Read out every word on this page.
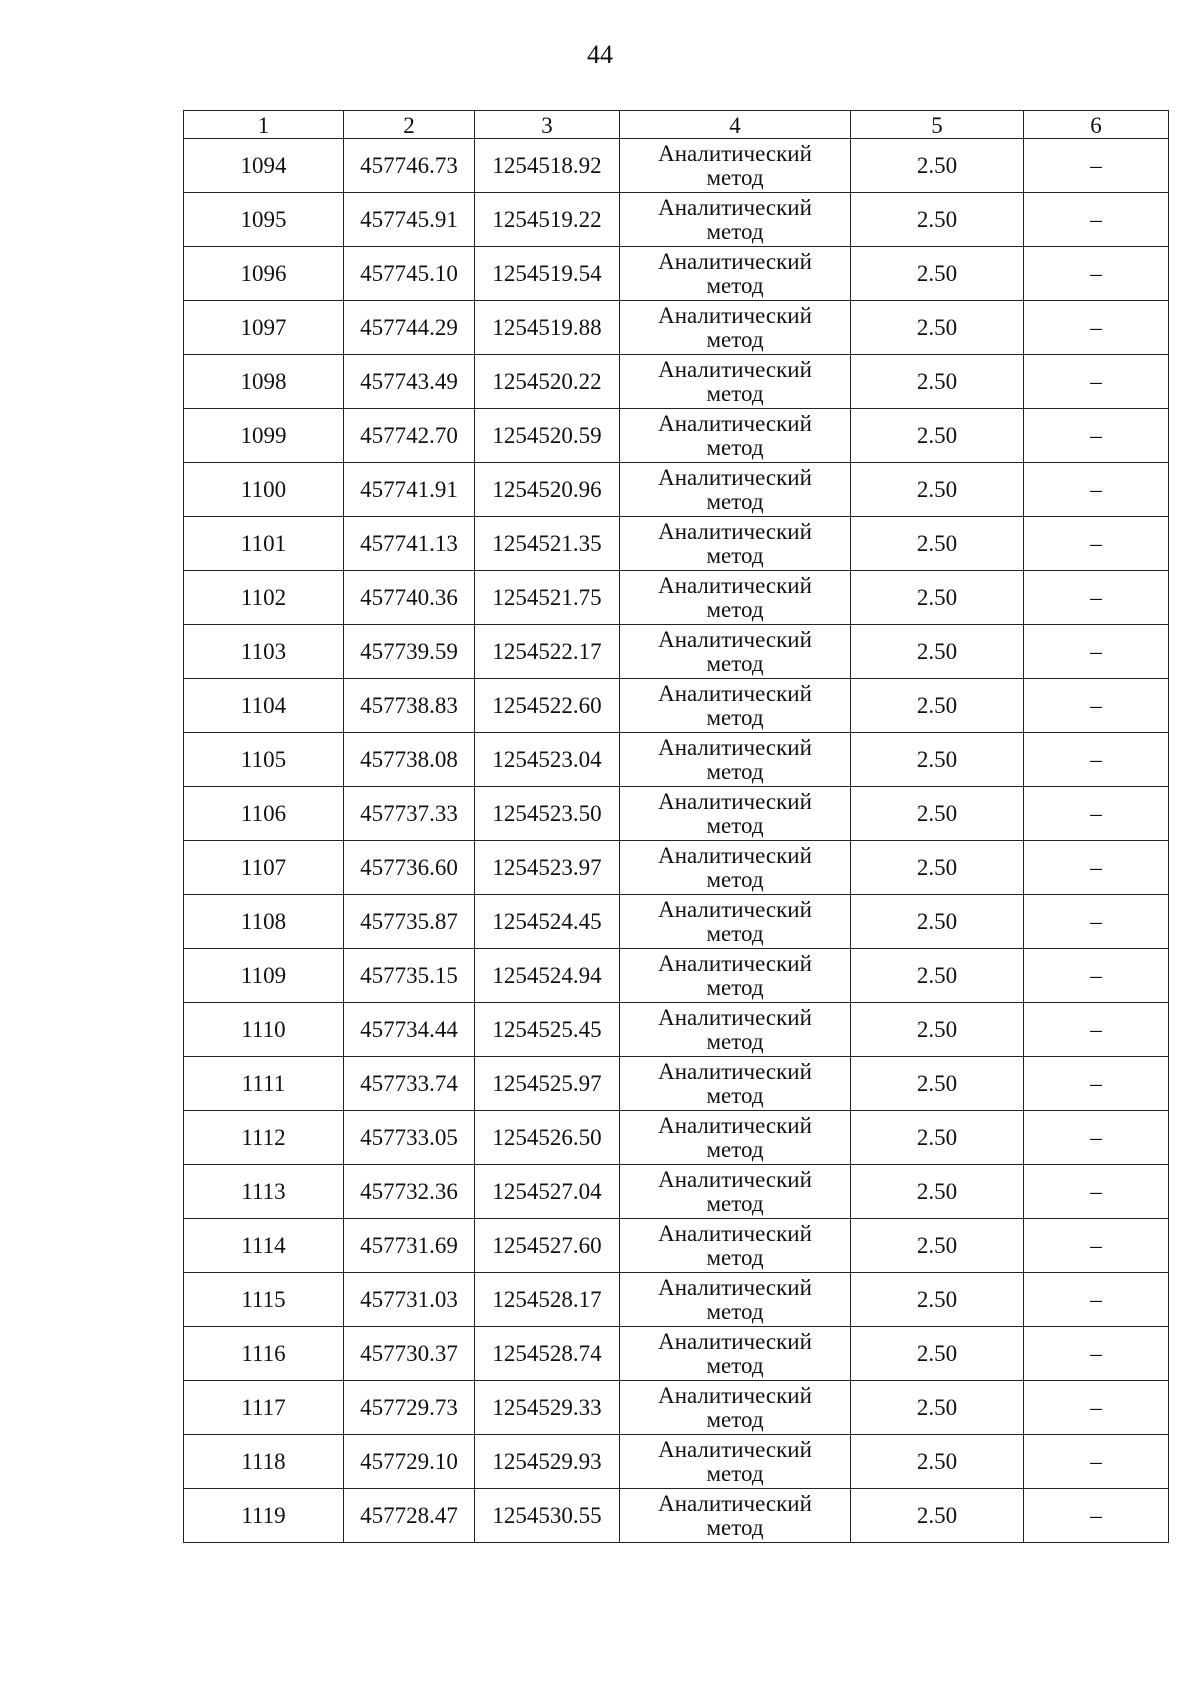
44
1	2	3	4	5	6
1094	457746.73	1254518.92	Аналитический
метод	2.50	–
1095	457745.91	1254519.22	Аналитический
метод	2.50	–
1096	457745.10	1254519.54	Аналитический
метод	2.50	–
1097	457744.29	1254519.88	Аналитический
метод	2.50	–
1098	457743.49	1254520.22	Аналитический
метод	2.50	–
1099	457742.70	1254520.59	Аналитический
метод	2.50	–
1100	457741.91	1254520.96	Аналитический
метод	2.50	–
1101	457741.13	1254521.35	Аналитический
метод	2.50	–
1102	457740.36	1254521.75	Аналитический
метод	2.50	–
1103	457739.59	1254522.17	Аналитический
метод	2.50	–
1104	457738.83	1254522.60	Аналитический
метод	2.50	–
1105	457738.08	1254523.04	Аналитический
метод	2.50	–
1106	457737.33	1254523.50	Аналитический
метод	2.50	–
1107	457736.60	1254523.97	Аналитический
метод	2.50	–
1108	457735.87	1254524.45	Аналитический
метод	2.50	–
1109	457735.15	1254524.94	Аналитический
метод	2.50	–
1110	457734.44	1254525.45	Аналитический
метод	2.50	–
1111	457733.74	1254525.97	Аналитический
метод	2.50	–
1112	457733.05	1254526.50	Аналитический
метод	2.50	–
1113	457732.36	1254527.04	Аналитический
метод	2.50	–
1114	457731.69	1254527.60	Аналитический
метод	2.50	–
1115	457731.03	1254528.17	Аналитический
метод	2.50	–
1116	457730.37	1254528.74	Аналитический
метод	2.50	–
1117	457729.73	1254529.33	Аналитический
метод	2.50	–
1118	457729.10	1254529.93	Аналитический
метод	2.50	–
1119	457728.47	1254530.55	Аналитический
метод	2.50	–
